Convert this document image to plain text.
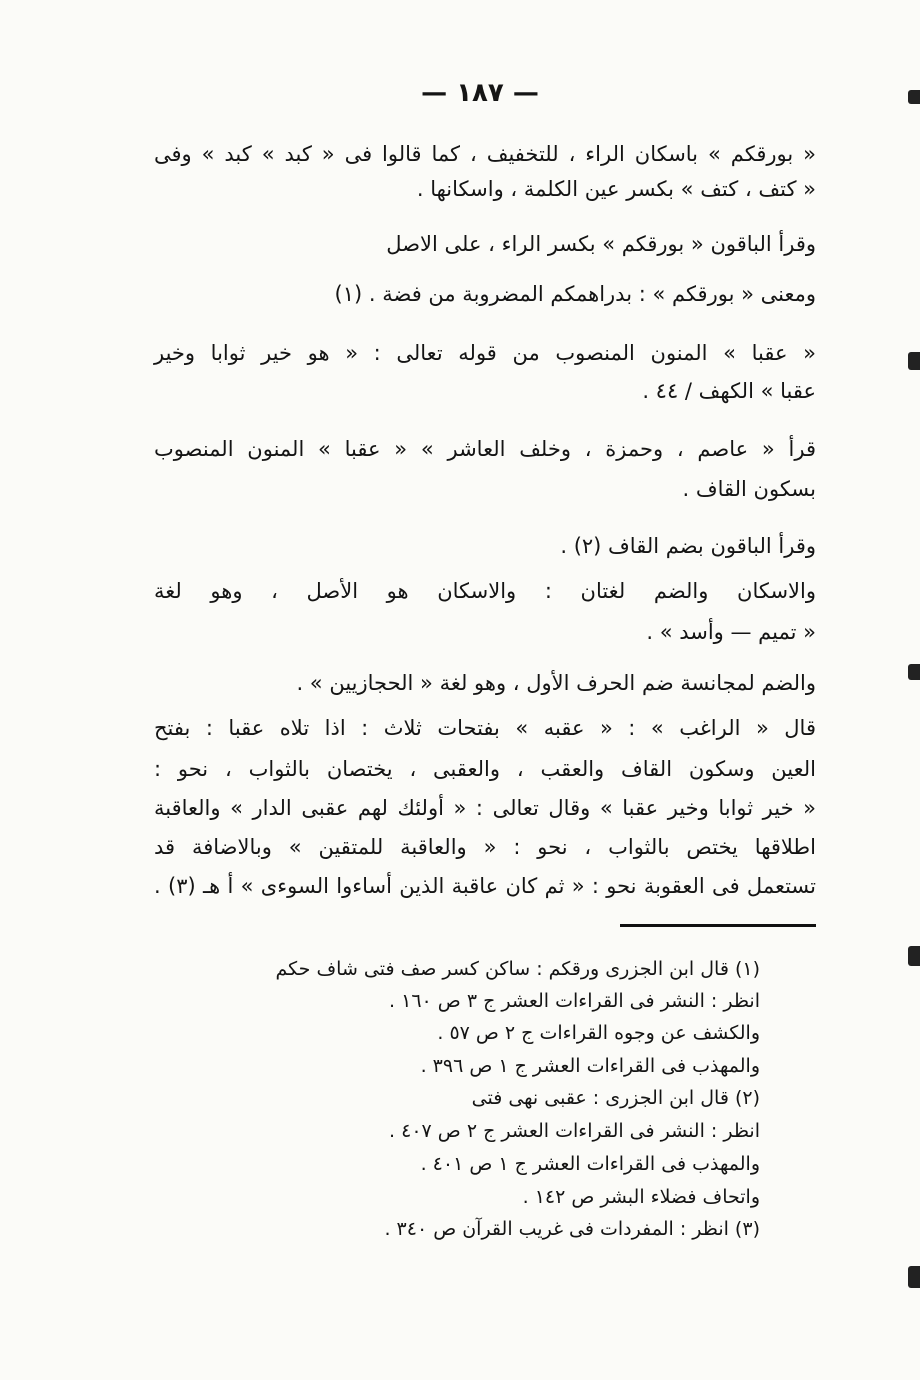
— ١٨٧ —
« بورقكم » باسكان الراء ، للتخفيف ، كما قالوا فى « كبد » كبد » وفى
« كتف ، كتف » بكسر عين الكلمة ، واسكانها .
وقرأ الباقون « بورقكم » بكسر الراء ، على الاصل
ومعنى « بورقكم » : بدراهمكم المضروبة من فضة . (١)
« عقبا » المنون المنصوب من قوله تعالى : « هو خير ثوابا وخير
عقبا » الكهف / ٤٤ .
قرأ « عاصم ، وحمزة ، وخلف العاشر » « عقبا » المنون المنصوب
بسكون القاف .
وقرأ الباقون بضم القاف (٢) .
والاسكان والضم لغتان : والاسكان هو الأصل ، وهو لغة
« تميم — وأسد » .
والضم لمجانسة ضم الحرف الأول ، وهو لغة « الحجازيين » .
قال « الراغب » : « عقبه » بفتحات ثلاث : اذا تلاه عقبا : بفتح
العين وسكون القاف والعقب ، والعقبى ، يختصان بالثواب ، نحو :
« خير ثوابا وخير عقبا » وقال تعالى : « أولئك لهم عقبى الدار » والعاقبة
اطلاقها يختص بالثواب ، نحو : « والعاقبة للمتقين » وبالاضافة قد
تستعمل فى العقوبة نحو : « ثم كان عاقبة الذين أساءوا السوءى » أ هـ (٣) .
(١) قال ابن الجزرى ورقكم : ساكن كسر صف فتى شاف حكم
انظر : النشر فى القراءات العشر ج ٣ ص ١٦٠ .
والكشف عن وجوه القراءات ج ٢ ص ٥٧ .
والمهذب فى القراءات العشر ج ١ ص ٣٩٦ .
(٢) قال ابن الجزرى : عقبى نهى فتى
انظر : النشر فى القراءات العشر ج ٢ ص ٤٠٧ .
والمهذب فى القراءات العشر ج ١ ص ٤٠١ .
واتحاف فضلاء البشر ص ١٤٢ .
(٣) انظر : المفردات فى غريب القرآن ص ٣٤٠ .
